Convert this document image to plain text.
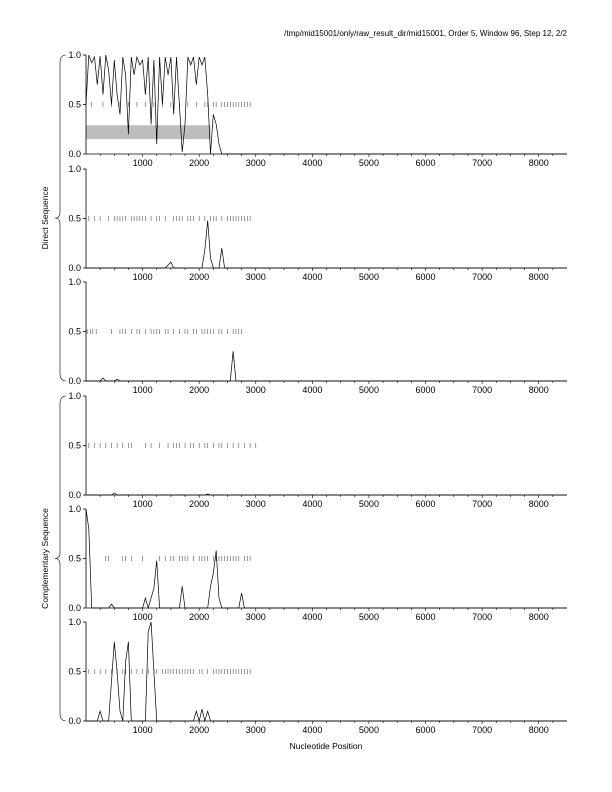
/tmp/mid15001/only/raw_result_dir/mid15001, Order 5, Window 96, Step 12, 2/2
0.0
0.5
1.0
1000	2000	3000	4000	5000	6000	7000	8000
0.0
0.5
1.0
1000	2000	3000	4000	5000	6000	7000	8000
0.0
0.5
1.0
1000	2000	3000	4000	5000	6000	7000	8000
0.0
0.5
1.0
1000	2000	3000	4000	5000	6000	7000	8000
0.0
0.5
1.0
1000	2000	3000	4000	5000	6000	7000	8000
0.0
0.5
1.0
1000	2000	3000	4000	5000	6000	7000	8000
Direct Sequence
Complementary Sequence
Nucleotide Position
